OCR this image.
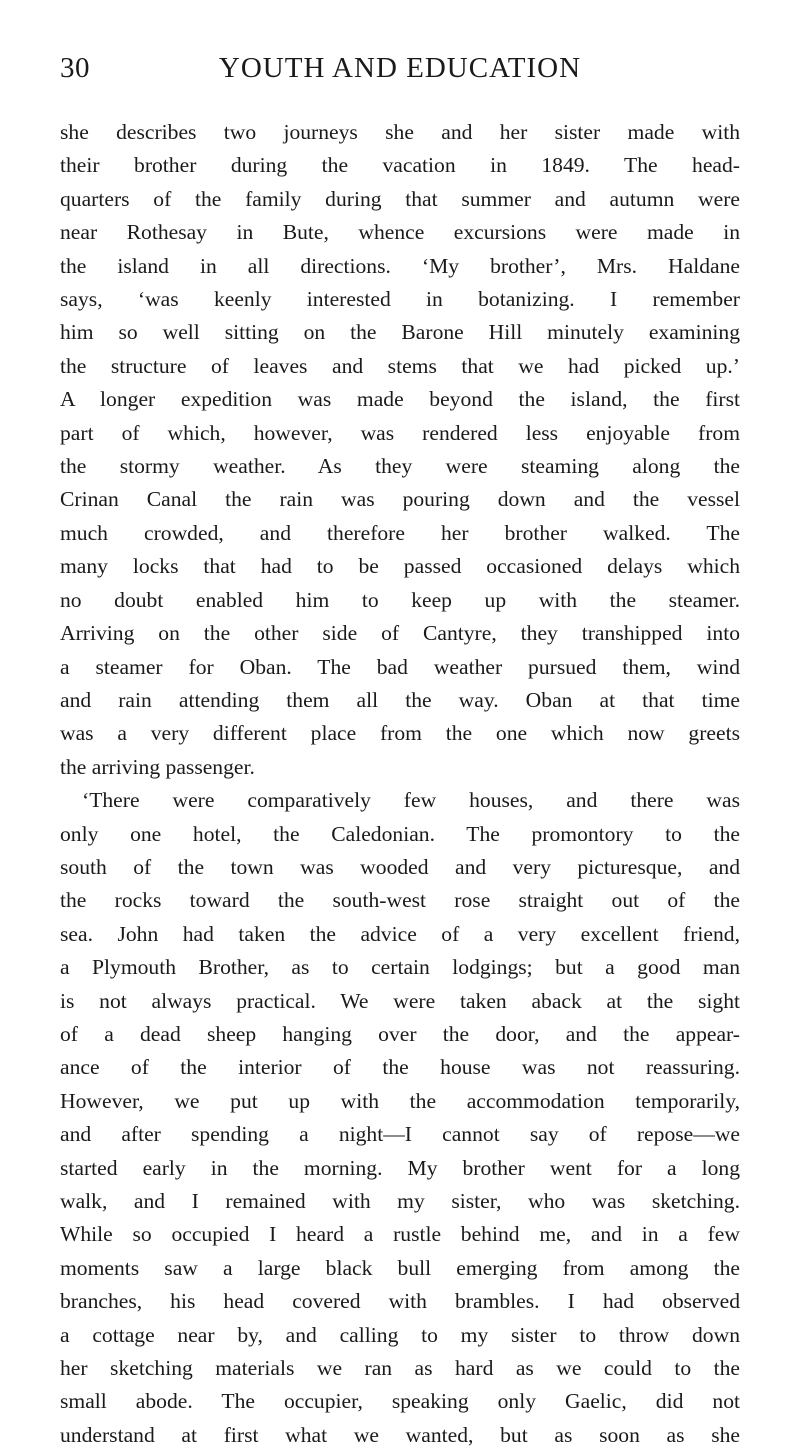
30	YOUTH AND EDUCATION

she describes two journeys she and her sister made with
their brother during the vacation in 1849. The head-
quarters of the family during that summer and autumn were
near Rothesay in Bute, whence excursions were made in
the island in all directions. ‘My brother’, Mrs. Haldane
says, ‘was keenly interested in botanizing. I remember
him so well sitting on the Barone Hill minutely examining
the structure of leaves and stems that we had picked up.’
A longer expedition was made beyond the island, the first
part of which, however, was rendered less enjoyable from
the stormy weather. As they were steaming along the
Crinan Canal the rain was pouring down and the vessel
much crowded, and therefore her brother walked. The
many locks that had to be passed occasioned delays which
no doubt enabled him to keep up with the steamer.
Arriving on the other side of Cantyre, they transhipped into
a steamer for Oban. The bad weather pursued them, wind
and rain attending them all the way. Oban at that time
was a very different place from the one which now greets
the arriving passenger.

‘There were comparatively few houses, and there was
only one hotel, the Caledonian. The promontory to the
south of the town was wooded and very picturesque, and
the rocks toward the south-west rose straight out of the
sea. John had taken the advice of a very excellent friend,
a Plymouth Brother, as to certain lodgings; but a good man
is not always practical. We were taken aback at the sight
of a dead sheep hanging over the door, and the appear-
ance of the interior of the house was not reassuring.
However, we put up with the accommodation temporarily,
and after spending a night—I cannot say of repose—we
started early in the morning. My brother went for a long
walk, and I remained with my sister, who was sketching.
While so occupied I heard a rustle behind me, and in a few
moments saw a large black bull emerging from among the
branches, his head covered with brambles. I had observed
a cottage near by, and calling to my sister to throw down
her sketching materials we ran as hard as we could to the
small abode. The occupier, speaking only Gaelic, did not
understand at first what we wanted, but as soon as she
